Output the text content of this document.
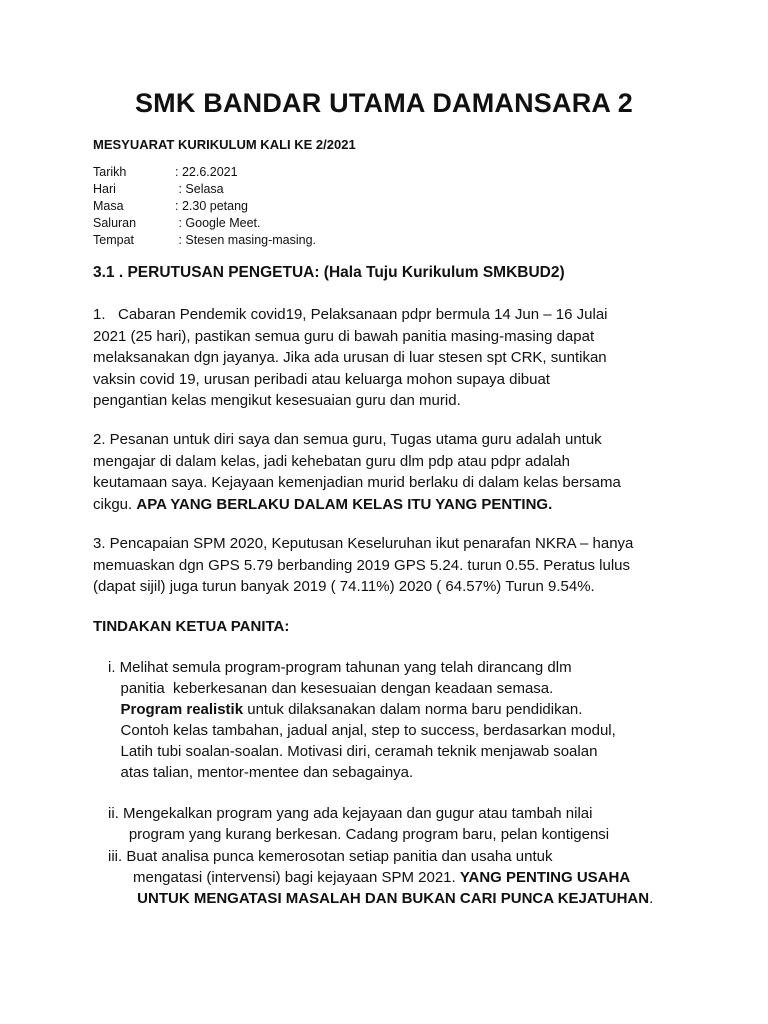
SMK BANDAR UTAMA DAMANSARA 2
MESYUARAT KURIKULUM KALI KE 2/2021
Tarikh	: 22.6.2021
Hari	: Selasa
Masa	: 2.30 petang
Saluran	: Google Meet.
Tempat	: Stesen masing-masing.
3.1 . PERUTUSAN PENGETUA: (Hala Tuju Kurikulum SMKBUD2)
1.   Cabaran Pendemik covid19, Pelaksanaan pdpr bermula 14 Jun – 16 Julai
2021 (25 hari), pastikan semua guru di bawah panitia masing-masing dapat
melaksanakan dgn jayanya. Jika ada urusan di luar stesen spt CRK, suntikan
vaksin covid 19, urusan peribadi atau keluarga mohon supaya dibuat
pengantian kelas mengikut kesesuaian guru dan murid.
2. Pesanan untuk diri saya dan semua guru, Tugas utama guru adalah untuk
mengajar di dalam kelas, jadi kehebatan guru dlm pdp atau pdpr adalah
keutamaan saya. Kejayaan kemenjadian murid berlaku di dalam kelas bersama
cikgu. APA YANG BERLAKU DALAM KELAS ITU YANG PENTING.
3. Pencapaian SPM 2020, Keputusan Keseluruhan ikut penarafan NKRA – hanya
memuaskan dgn GPS 5.79 berbanding 2019 GPS 5.24. turun 0.55. Peratus lulus
(dapat sijil) juga turun banyak 2019 ( 74.11%) 2020 ( 64.57%) Turun 9.54%.
TINDAKAN KETUA PANITA:
i. Melihat semula program-program tahunan yang telah dirancang dlm
panitia  keberkesanan dan kesesuaian dengan keadaan semasa.
Program realistik untuk dilaksanakan dalam norma baru pendidikan.
Contoh kelas tambahan, jadual anjal, step to success, berdasarkan modul,
Latih tubi soalan-soalan. Motivasi diri, ceramah teknik menjawab soalan
atas talian, mentor-mentee dan sebagainya.
ii. Mengekalkan program yang ada kejayaan dan gugur atau tambah nilai
program yang kurang berkesan. Cadang program baru, pelan kontigensi
iii. Buat analisa punca kemerosotan setiap panitia dan usaha untuk
mengatasi (intervensi) bagi kejayaan SPM 2021. YANG PENTING USAHA
UNTUK MENGATASI MASALAH DAN BUKAN CARI PUNCA KEJATUHAN.
